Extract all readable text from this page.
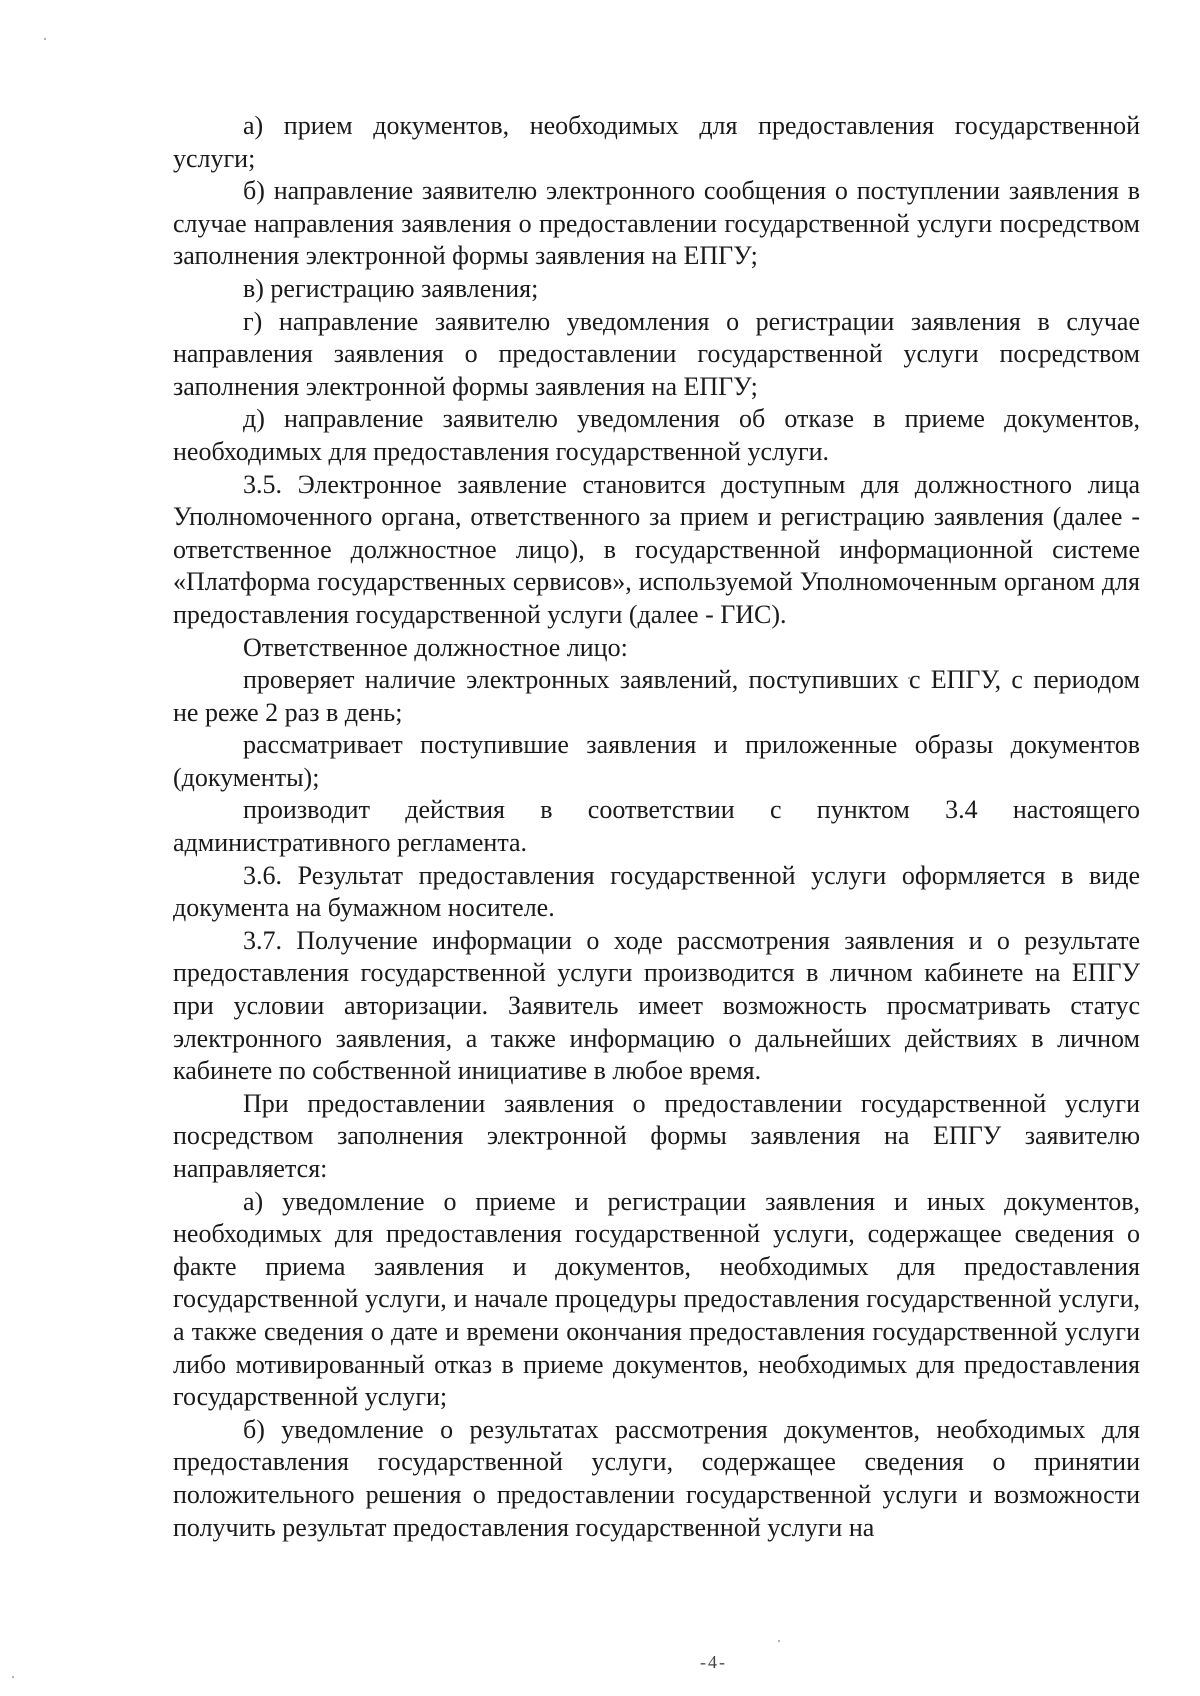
а) прием документов, необходимых для предоставления государственной услуги;

б) направление заявителю электронного сообщения о поступлении заявления в случае направления заявления о предоставлении государственной услуги посредством заполнения электронной формы заявления на ЕПГУ;

в) регистрацию заявления;

г) направление заявителю уведомления о регистрации заявления в случае направления заявления о предоставлении государственной услуги посредством заполнения электронной формы заявления на ЕПГУ;

д) направление заявителю уведомления об отказе в приеме документов, необходимых для предоставления государственной услуги.

3.5. Электронное заявление становится доступным для должностного лица Уполномоченного органа, ответственного за прием и регистрацию заявления (далее - ответственное должностное лицо), в государственной информационной системе «Платформа государственных сервисов», используемой Уполномоченным органом для предоставления государственной услуги (далее - ГИС).

Ответственное должностное лицо:

проверяет наличие электронных заявлений, поступивших с ЕПГУ, с периодом не реже 2 раз в день;

рассматривает поступившие заявления и приложенные образы документов (документы);

производит действия в соответствии с пунктом 3.4 настоящего административного регламента.

3.6. Результат предоставления государственной услуги оформляется в виде документа на бумажном носителе.

3.7. Получение информации о ходе рассмотрения заявления и о результате предоставления государственной услуги производится в личном кабинете на ЕПГУ при условии авторизации. Заявитель имеет возможность просматривать статус электронного заявления, а также информацию о дальнейших действиях в личном кабинете по собственной инициативе в любое время.

При предоставлении заявления о предоставлении государственной услуги посредством заполнения электронной формы заявления на ЕПГУ заявителю направляется:

а) уведомление о приеме и регистрации заявления и иных документов, необходимых для предоставления государственной услуги, содержащее сведения о факте приема заявления и документов, необходимых для предоставления государственной услуги, и начале процедуры предоставления государственной услуги, а также сведения о дате и времени окончания предоставления государственной услуги либо мотивированный отказ в приеме документов, необходимых для предоставления государственной услуги;

б) уведомление о результатах рассмотрения документов, необходимых для предоставления государственной услуги, содержащее сведения о принятии положительного решения о предоставлении государственной услуги и возможности получить результат предоставления государственной услуги на

-4-
